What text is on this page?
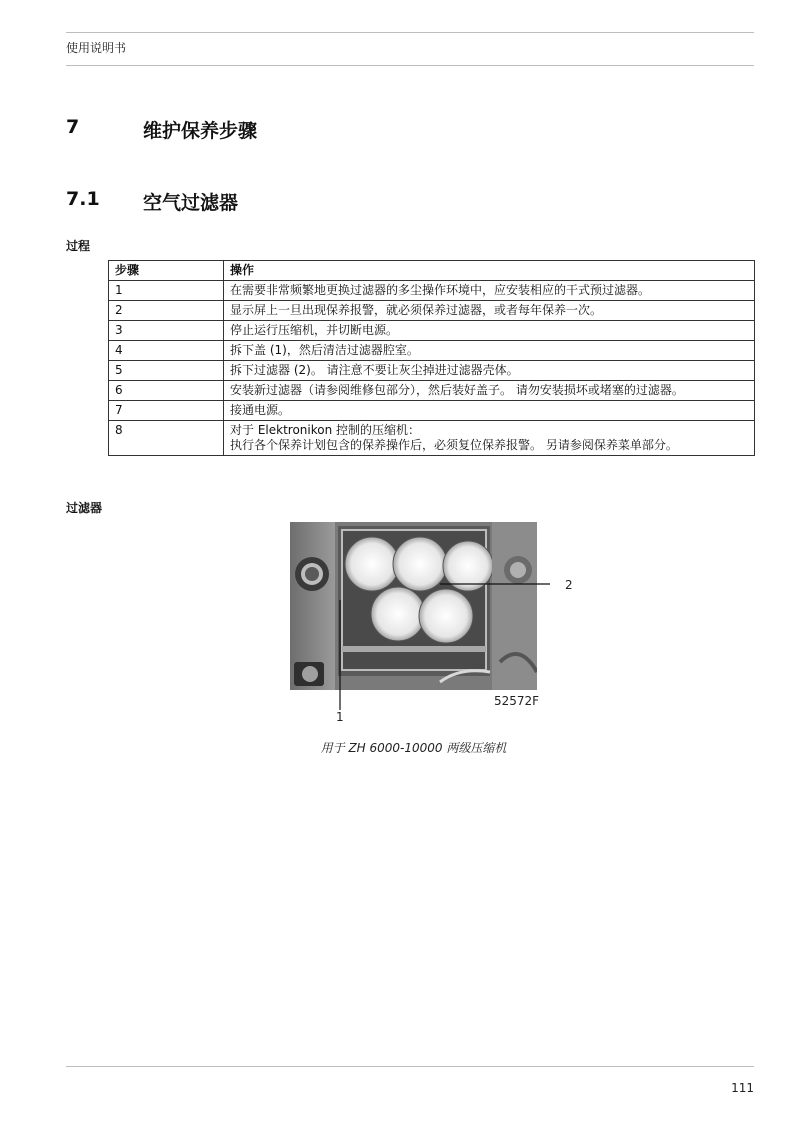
使用说明书
7	维护保养步骤
7.1 空气过滤器
过程
步骤	操作
1	在需要非常频繁地更换过滤器的多尘操作环境中，应安装相应的干式预过滤器。
2	显示屏上一旦出现保养报警，就必须保养过滤器，或者每年保养一次。
3	停止运行压缩机，并切断电源。
4	拆下盖 (1)，然后清洁过滤器腔室。
5	拆下过滤器 (2)。 请注意不要让灰尘掉进过滤器壳体。
6	安装新过滤器（请参阅维修包部分），然后装好盖子。 请勿安装损坏或堵塞的过滤器。
7	接通电源。
8	对于 Elektronikon 控制的压缩机：
执行各个保养计划包含的保养操作后，必须复位保养报警。 另请参阅保养菜单部分。
过滤器
2
1
52572F
用于 ZH 6000-10000 两级压缩机
111
